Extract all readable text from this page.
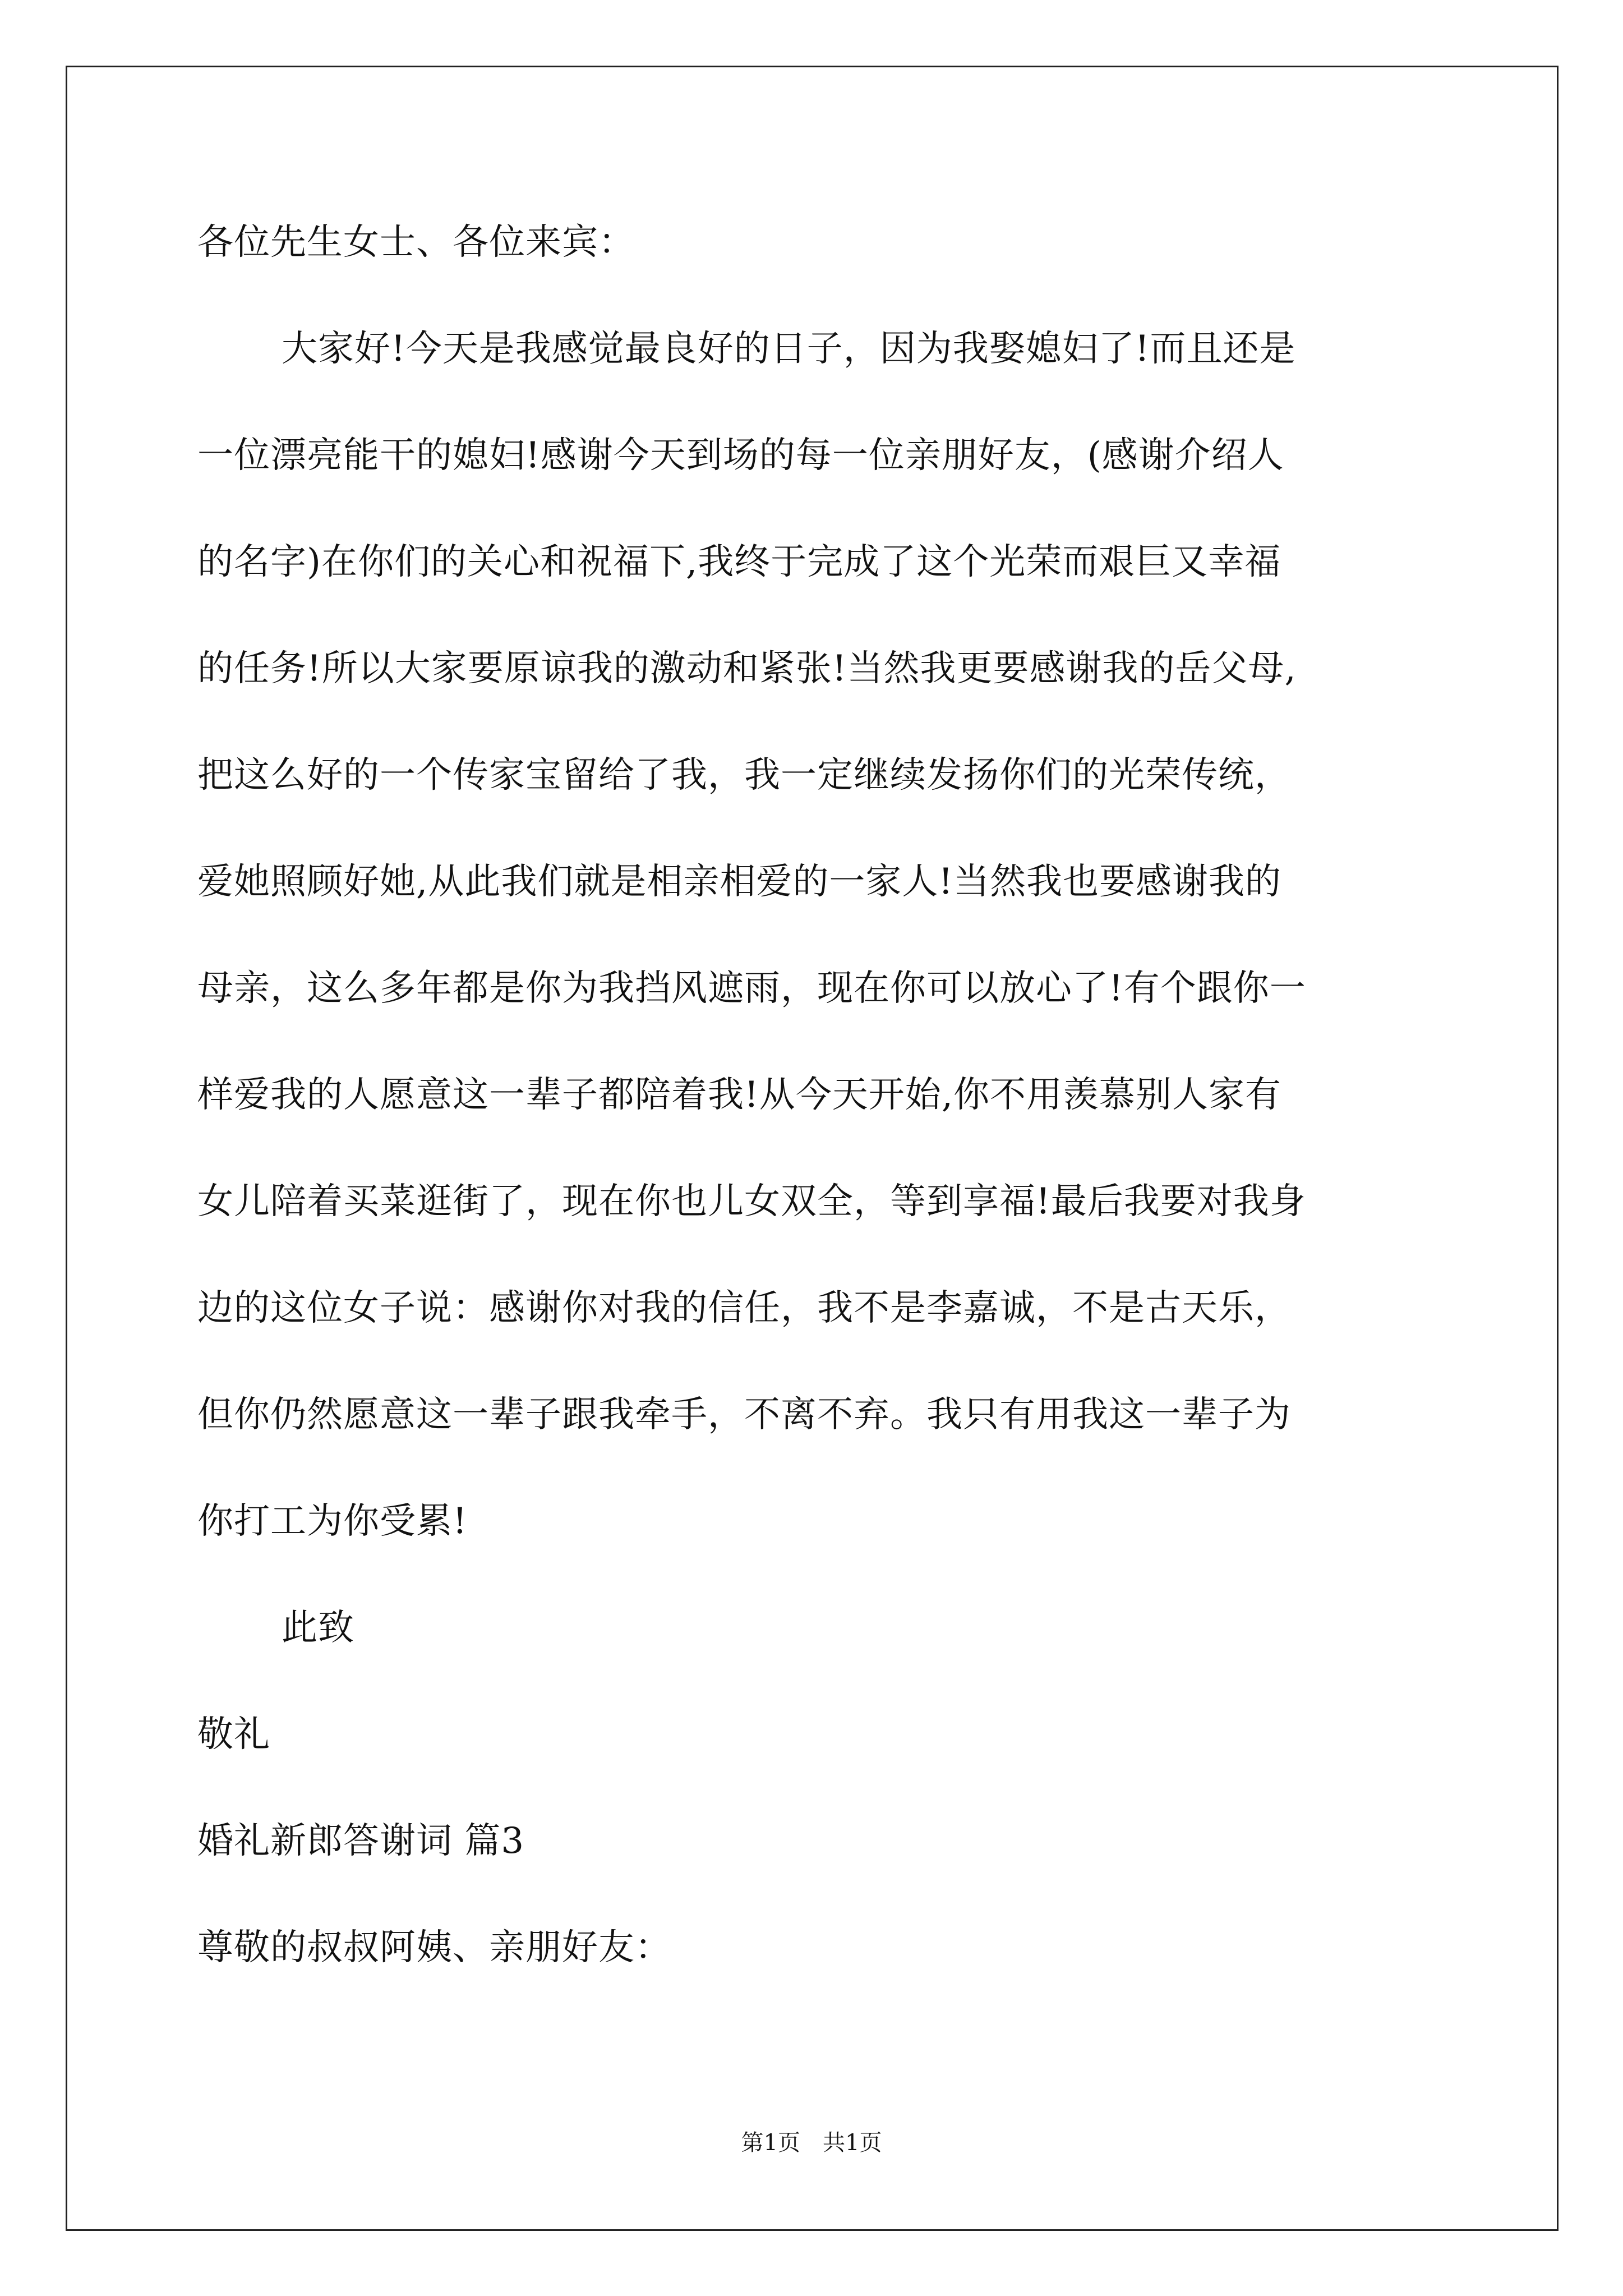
各位先生女士、各位来宾：
大家好!今天是我感觉最良好的日子，因为我娶媳妇了!而且还是
一位漂亮能干的媳妇!感谢今天到场的每一位亲朋好友，(感谢介绍人
的名字)在你们的关心和祝福下,我终于完成了这个光荣而艰巨又幸福
的任务!所以大家要原谅我的激动和紧张!当然我更要感谢我的岳父母,
把这么好的一个传家宝留给了我，我一定继续发扬你们的光荣传统，
爱她照顾好她,从此我们就是相亲相爱的一家人!当然我也要感谢我的
母亲，这么多年都是你为我挡风遮雨，现在你可以放心了!有个跟你一
样爱我的人愿意这一辈子都陪着我!从今天开始,你不用羡慕别人家有
女儿陪着买菜逛街了，现在你也儿女双全，等到享福!最后我要对我身
边的这位女子说：感谢你对我的信任，我不是李嘉诚，不是古天乐，
但你仍然愿意这一辈子跟我牵手，不离不弃。我只有用我这一辈子为
你打工为你受累!
此致
敬礼
婚礼新郎答谢词 篇3
尊敬的叔叔阿姨、亲朋好友：
第1页　共1页
